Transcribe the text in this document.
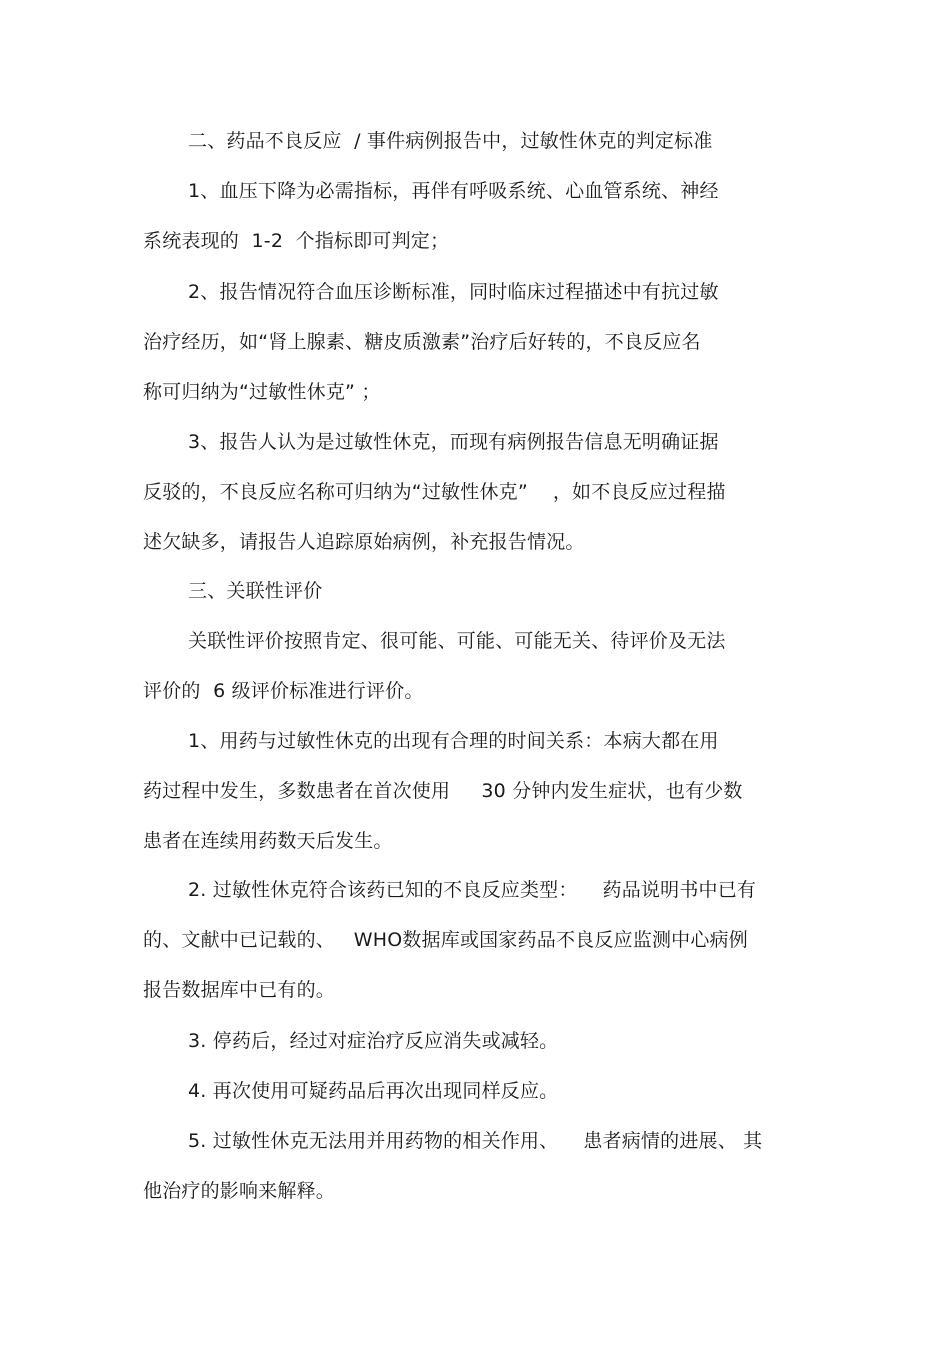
二、药品不良反应  / 事件病例报告中，过敏性休克的判定标准
1、血压下降为必需指标，再伴有呼吸系统、心血管系统、神经
系统表现的  1-2  个指标即可判定；
2、报告情况符合血压诊断标准，同时临床过程描述中有抗过敏
治疗经历，如“肾上腺素、糖皮质激素”治疗后好转的，不良反应名
称可归纳为“过敏性休克” ；
3、报告人认为是过敏性休克，而现有病例报告信息无明确证据
反驳的，不良反应名称可归纳为“过敏性休克”    ，如不良反应过程描
述欠缺多，请报告人追踪原始病例，补充报告情况。
三、关联性评价
关联性评价按照肯定、很可能、可能、可能无关、待评价及无法
评价的  6 级评价标准进行评价。
1、用药与过敏性休克的出现有合理的时间关系：本病大都在用
药过程中发生，多数患者在首次使用     30 分钟内发生症状，也有少数
患者在连续用药数天后发生。
2. 过敏性休克符合该药已知的不良反应类型：    药品说明书中已有
的、文献中已记载的、   WHO数据库或国家药品不良反应监测中心病例
报告数据库中已有的。
3. 停药后，经过对症治疗反应消失或减轻。
4. 再次使用可疑药品后再次出现同样反应。
5. 过敏性休克无法用并用药物的相关作用、    患者病情的进展、 其
他治疗的影响来解释。
